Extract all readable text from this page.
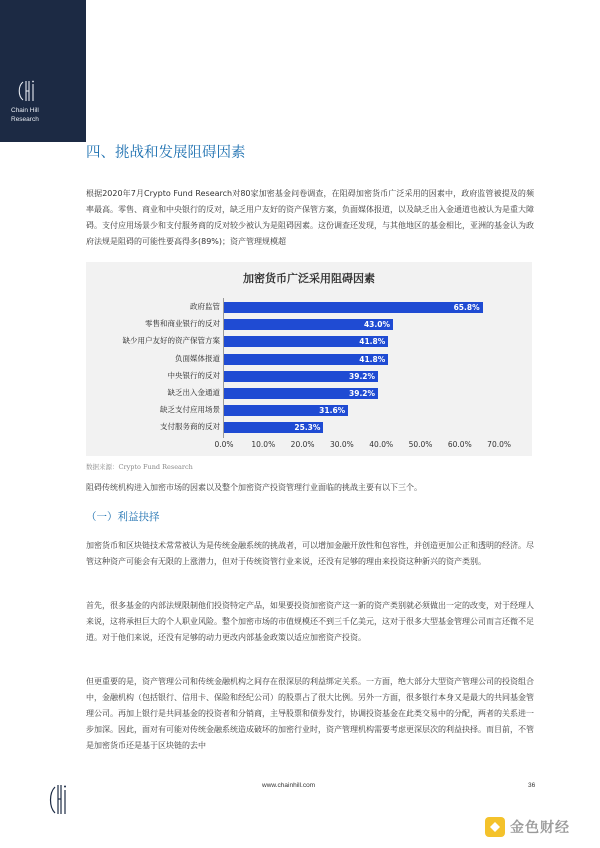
Chain Hill
Research
四、挑战和发展阻碍因素
根据2020年7月Crypto Fund Research对80家加密基金问卷调查，在阻碍加密货币广泛采用的因素中，政府监管被提及的频率最高。零售、商业和中央银行的反对，缺乏用户友好的资产保管方案，负面媒体报道，以及缺乏出入金通道也被认为是重大障碍。支付应用场景少和支付服务商的反对较少被认为是阻碍因素。这份调查还发现，与其他地区的基金相比，亚洲的基金认为政府法规是阻碍的可能性要高得多(89%)；资产管理规模超
加密货币广泛采用阻碍因素
政府监管	65.8%
零售和商业银行的反对	43.0%
缺少用户友好的资产保管方案	41.8%
负面媒体报道	41.8%
中央银行的反对	39.2%
缺乏出入金通道	39.2%
缺乏支付应用场景	31.6%
支付服务商的反对	25.3%
0.0% 10.0% 20.0% 30.0% 40.0% 50.0% 60.0% 70.0%
数据来源：Crypto Fund Research
阻碍传统机构进入加密市场的因素以及整个加密资产投资管理行业面临的挑战主要有以下三个。
（一）利益抉择
加密货币和区块链技术常常被认为是传统金融系统的挑战者，可以增加金融开放性和包容性，并创造更加公正和透明的经济。尽管这种资产可能会有无限的上涨潜力，但对于传统资管行业来说，还没有足够的理由来投资这种新兴的资产类别。
首先，很多基金的内部法规限制他们投资特定产品，如果要投资加密资产这一新的资产类别就必须做出一定的改变，对于经理人来说，这将承担巨大的个人职业风险。整个加密市场的市值规模还不到三千亿美元，这对于很多大型基金管理公司而言还微不足道。对于他们来说，还没有足够的动力更改内部基金政策以适应加密资产投资。
但更重要的是，资产管理公司和传统金融机构之间存在很深层的利益绑定关系。一方面，绝大部分大型资产管理公司的投资组合中，金融机构（包括银行、信用卡、保险和经纪公司）的股票占了很大比例。另外一方面，很多银行本身又是最大的共同基金管理公司。再加上银行是共同基金的投资者和分销商，主导股票和债券发行，协调投资基金在此类交易中的分配，两者的关系进一步加深。因此，面对有可能对传统金融系统造成破坏的加密行业时，资产管理机构需要考虑更深层次的利益抉择。而目前，不管是加密货币还是基于区块链的去中
www.chainhill.com	36
金色财经
